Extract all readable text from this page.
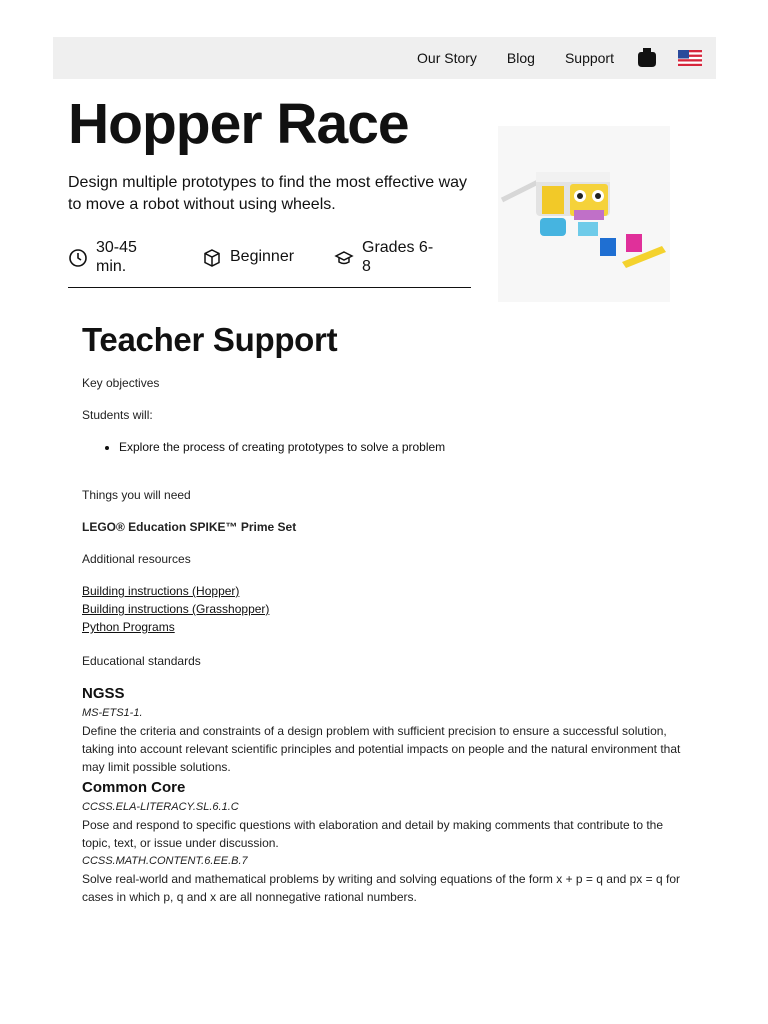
Our Story Blog Support
Hopper Race

Design multiple prototypes to find the most effective way to move a robot without using wheels.

30-45 min.
Beginner
Grades 6-8
Teacher Support

Key objectives

Students will:

• Explore the process of creating prototypes to solve a problem

Things you will need

LEGO® Education SPIKE™ Prime Set

Additional resources

Building instructions (Hopper)
Building instructions (Grasshopper)
Python Programs

Educational standards

NGSS

MS-ETS1-1.

Define the criteria and constraints of a design problem with sufficient precision to ensure a successful solution, taking into account relevant scientific principles and potential impacts on people and the natural environment that may limit possible solutions.

Common Core

CCSS.ELA-LITERACY.SL.6.1.C

Pose and respond to specific questions with elaboration and detail by making comments that contribute to the topic, text, or issue under discussion.

CCSS.MATH.CONTENT.6.EE.B.7

Solve real-world and mathematical problems by writing and solving equations of the form x + p = q and px = q for cases in which p, q and x are all nonnegative rational numbers.
